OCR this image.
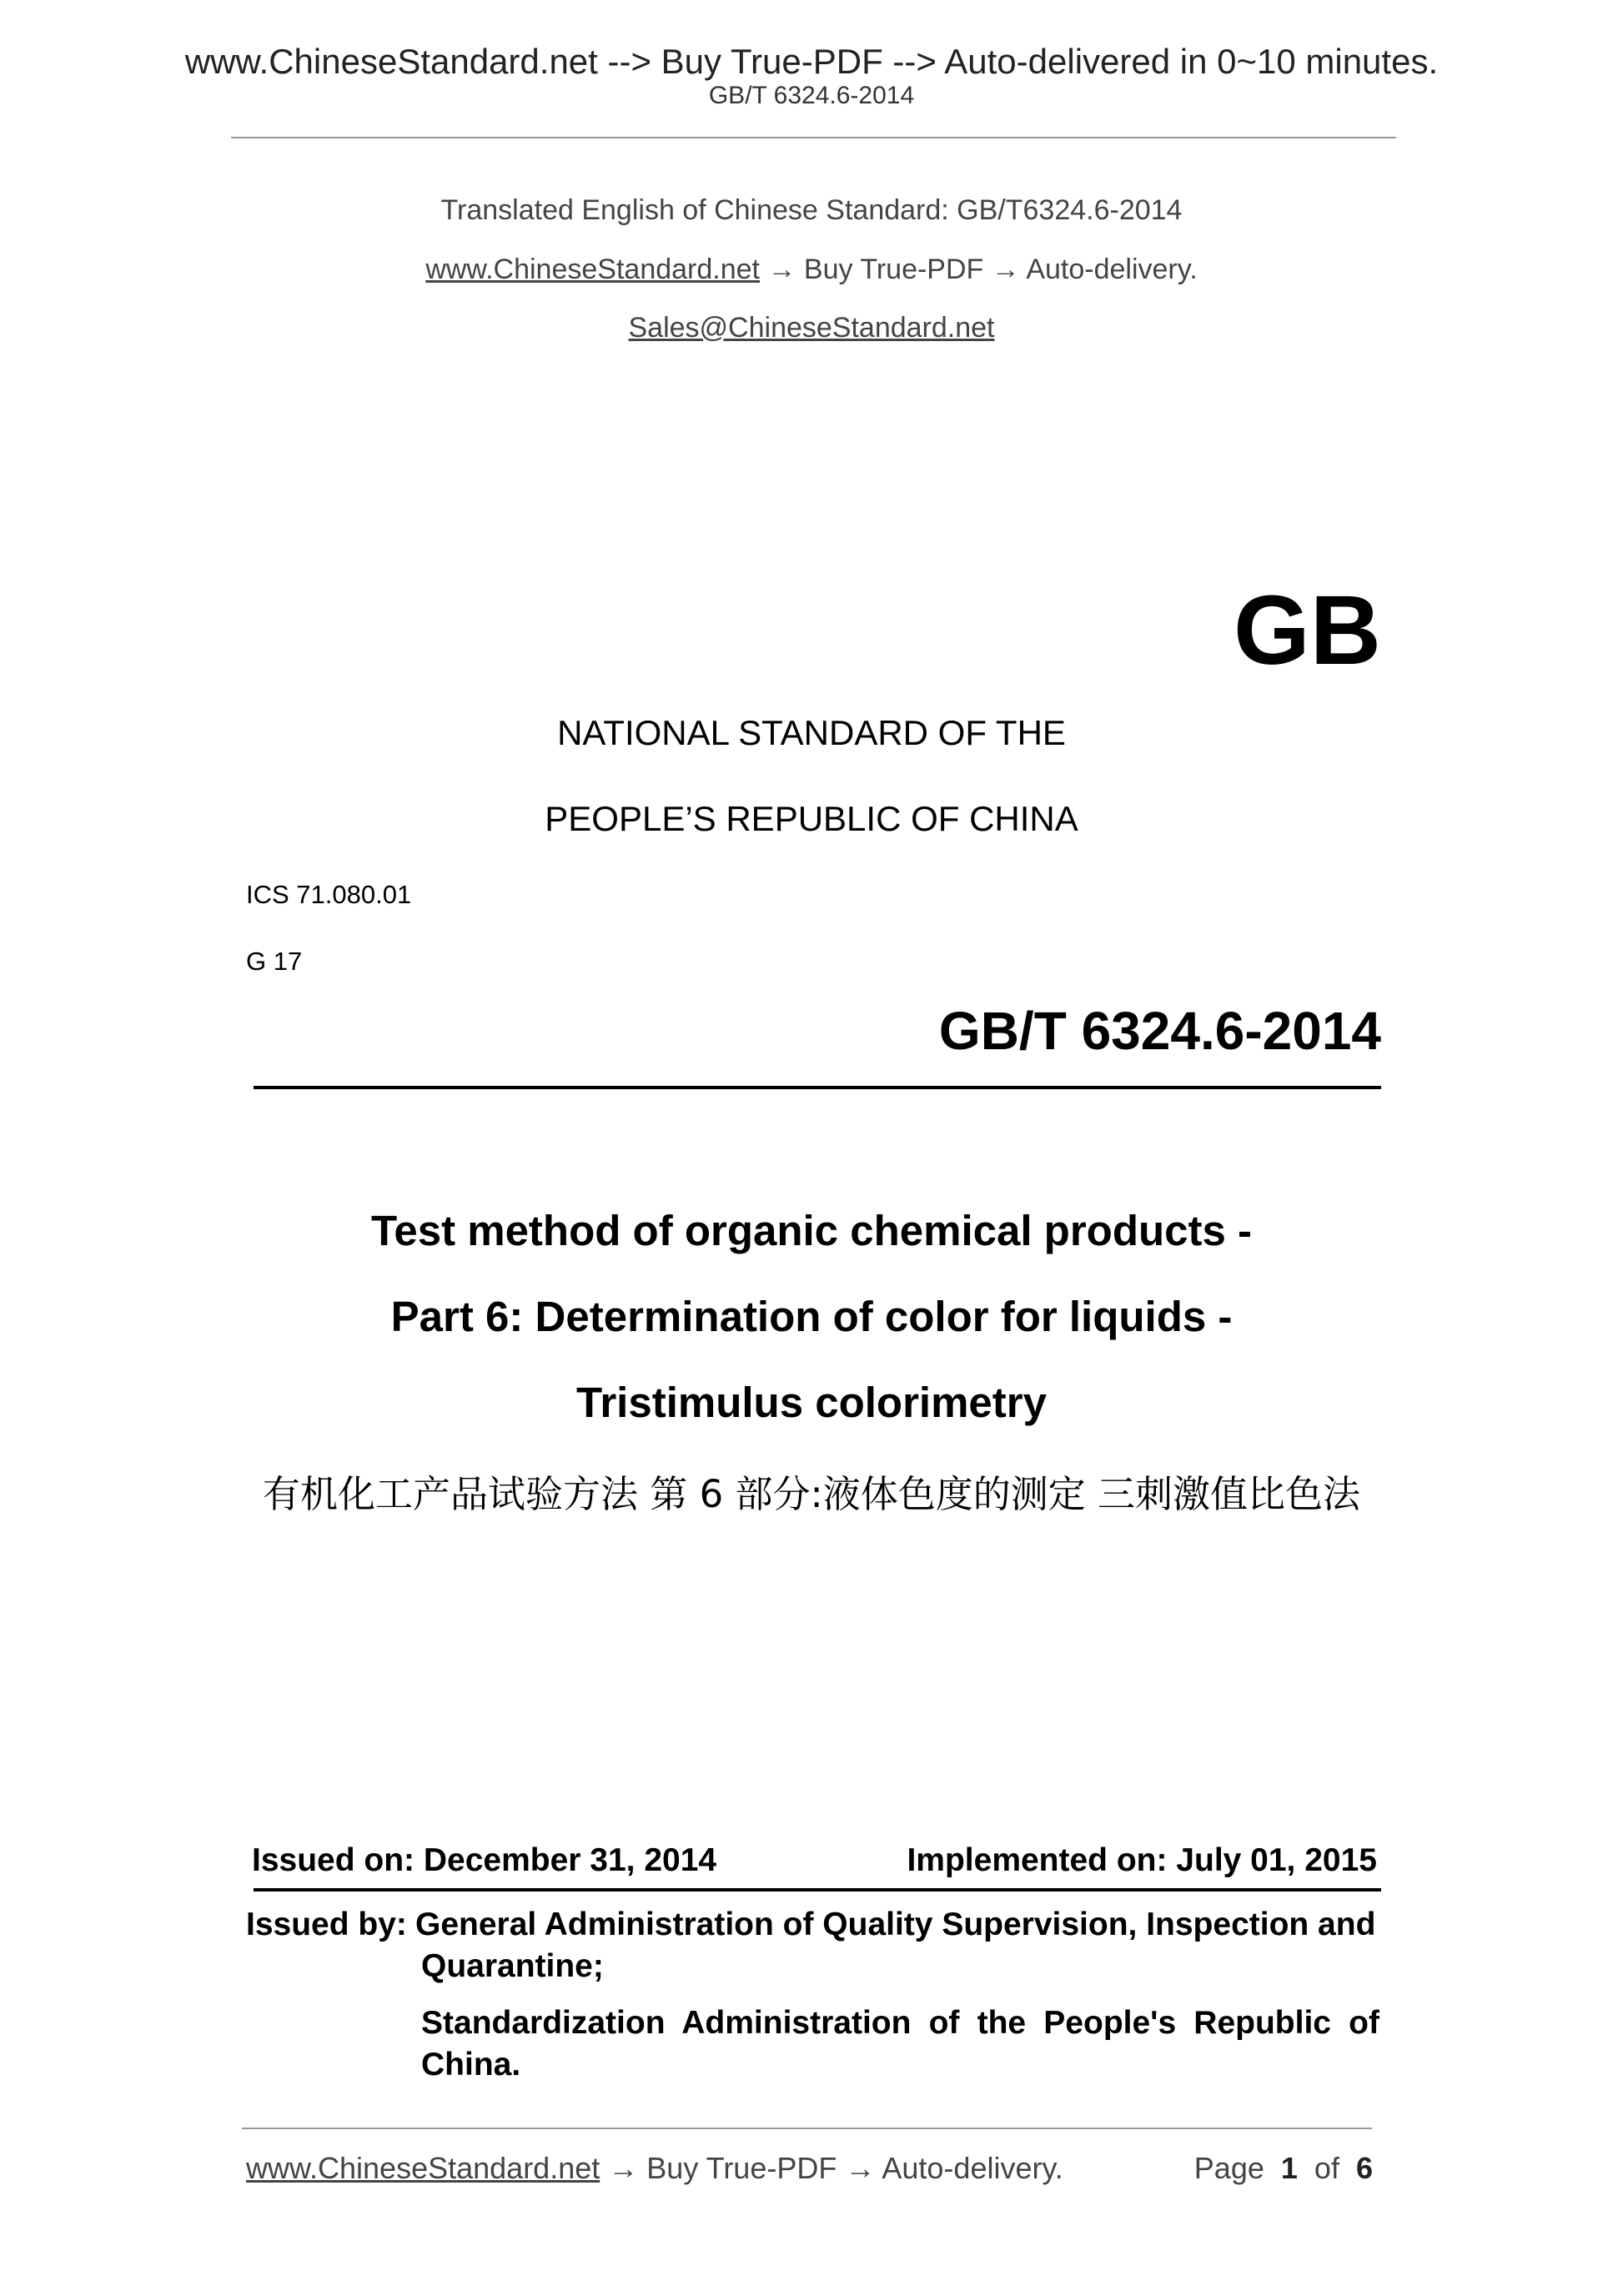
www.ChineseStandard.net --> Buy True-PDF --> Auto-delivered in 0~10 minutes.
GB/T 6324.6-2014
Translated English of Chinese Standard: GB/T6324.6-2014
www.ChineseStandard.net → Buy True-PDF → Auto-delivery.
Sales@ChineseStandard.net
GB
NATIONAL STANDARD OF THE
PEOPLE’S REPUBLIC OF CHINA
ICS 71.080.01
G 17
GB/T 6324.6-2014
Test method of organic chemical products -
Part 6: Determination of color for liquids -
Tristimulus colorimetry
有机化工产品试验方法 第 6 部分:液体色度的测定 三刺激值比色法
Issued on: December 31, 2014	Implemented on: July 01, 2015
Issued by: General Administration of Quality Supervision, Inspection and
Quarantine;
Standardization Administration of the People's Republic of China.
www.ChineseStandard.net → Buy True-PDF → Auto-delivery.	Page 1 of 6
